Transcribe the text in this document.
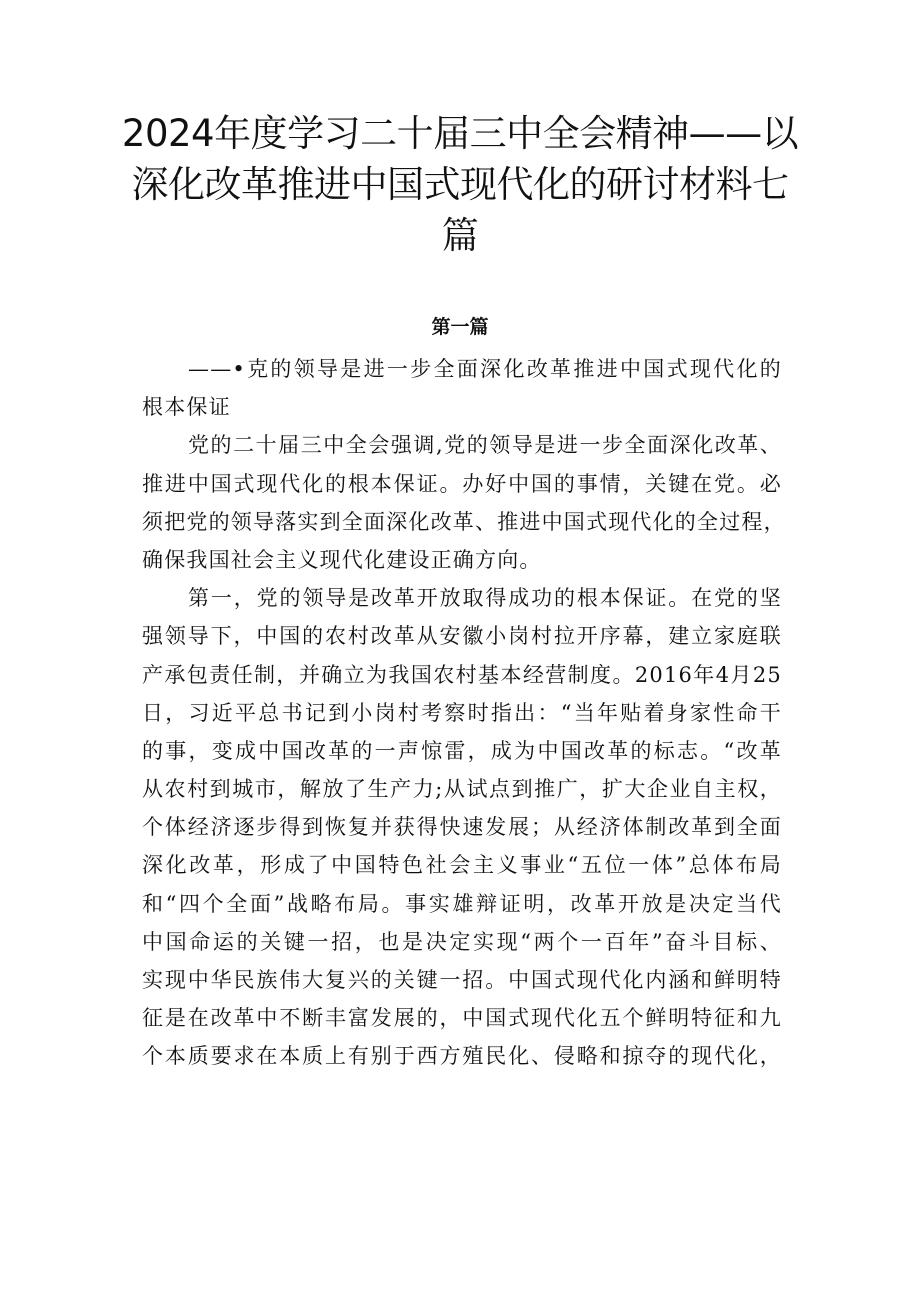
2024年度学习二十届三中全会精神——以
深化改革推进中国式现代化的研讨材料七
篇
第一篇
——•克的领导是进一步全面深化改革推进中国式现代化的
根本保证
党的二十届三中全会强调,党的领导是进一步全面深化改革、
推进中国式现代化的根本保证。办好中国的事情，关键在党。必
须把党的领导落实到全面深化改革、推进中国式现代化的全过程，
确保我国社会主义现代化建设正确方向。
第一，党的领导是改革开放取得成功的根本保证。在党的坚
强领导下，中国的农村改革从安徽小岗村拉开序幕，建立家庭联
产承包责任制，并确立为我国农村基本经营制度。2016年4月25
日，习近平总书记到小岗村考察时指出：“当年贴着身家性命干
的事，变成中国改革的一声惊雷，成为中国改革的标志。“改革
从农村到城市，解放了生产力;从试点到推广，扩大企业自主权，
个体经济逐步得到恢复并获得快速发展；从经济体制改革到全面
深化改革，形成了中国特色社会主义事业“五位一体”总体布局
和“四个全面”战略布局。事实雄辩证明，改革开放是决定当代
中国命运的关键一招，也是决定实现“两个一百年”奋斗目标、
实现中华民族伟大复兴的关键一招。中国式现代化内涵和鲜明特
征是在改革中不断丰富发展的，中国式现代化五个鲜明特征和九
个本质要求在本质上有别于西方殖民化、侵略和掠夺的现代化，
